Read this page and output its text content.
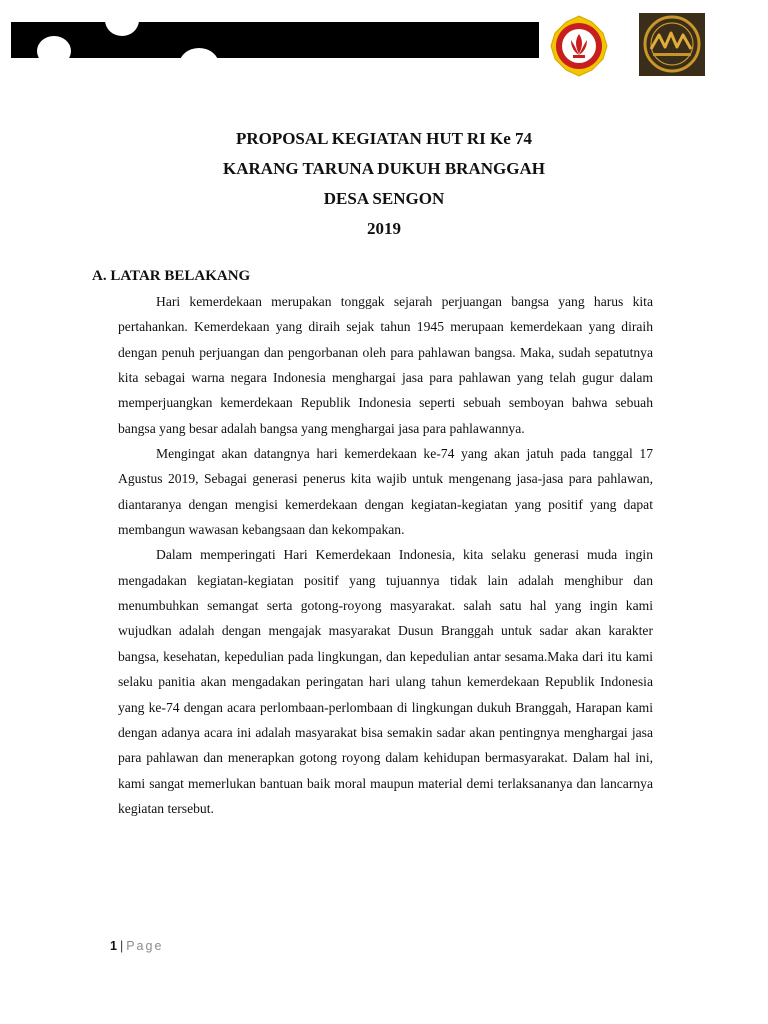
PROPOSAL KEGIATAN HUT RI Ke 74
KARANG TARUNA DUKUH BRANGGAH
DESA SENGON
2019
A. LATAR BELAKANG

Hari kemerdekaan merupakan tonggak sejarah perjuangan bangsa yang harus kita pertahankan. Kemerdekaan yang diraih sejak tahun 1945 merupaan kemerdekaan yang diraih dengan penuh perjuangan dan pengorbanan oleh para pahlawan bangsa. Maka, sudah sepatutnya kita sebagai warna negara Indonesia menghargai jasa para pahlawan yang telah gugur dalam memperjuangkan kemerdekaan Republik Indonesia seperti sebuah semboyan bahwa sebuah bangsa yang besar adalah bangsa yang menghargai jasa para pahlawannya.

Mengingat akan datangnya hari kemerdekaan ke-74 yang akan jatuh pada tanggal 17 Agustus 2019, Sebagai generasi penerus kita wajib untuk mengenang jasa-jasa para pahlawan, diantaranya dengan mengisi kemerdekaan dengan kegiatan-kegiatan yang positif yang dapat membangun wawasan kebangsaan dan kekompakan.

Dalam memperingati Hari Kemerdekaan Indonesia, kita selaku generasi muda ingin mengadakan kegiatan-kegiatan positif yang tujuannya tidak lain adalah menghibur dan menumbuhkan semangat serta gotong-royong masyarakat. salah satu hal yang ingin kami wujudkan adalah dengan mengajak masyarakat Dusun Branggah untuk sadar akan karakter bangsa, kesehatan, kepedulian pada lingkungan, dan kepedulian antar sesama.Maka dari itu kami selaku panitia akan mengadakan peringatan hari ulang tahun kemerdekaan Republik Indonesia yang ke-74 dengan acara perlombaan-perlombaan di lingkungan dukuh Branggah, Harapan kami dengan adanya acara ini adalah masyarakat bisa semakin sadar akan pentingnya menghargai jasa para pahlawan dan menerapkan gotong royong dalam kehidupan bermasyarakat. Dalam hal ini, kami sangat memerlukan bantuan baik moral maupun material demi terlaksananya dan lancarnya kegiatan tersebut.

1 | Page
